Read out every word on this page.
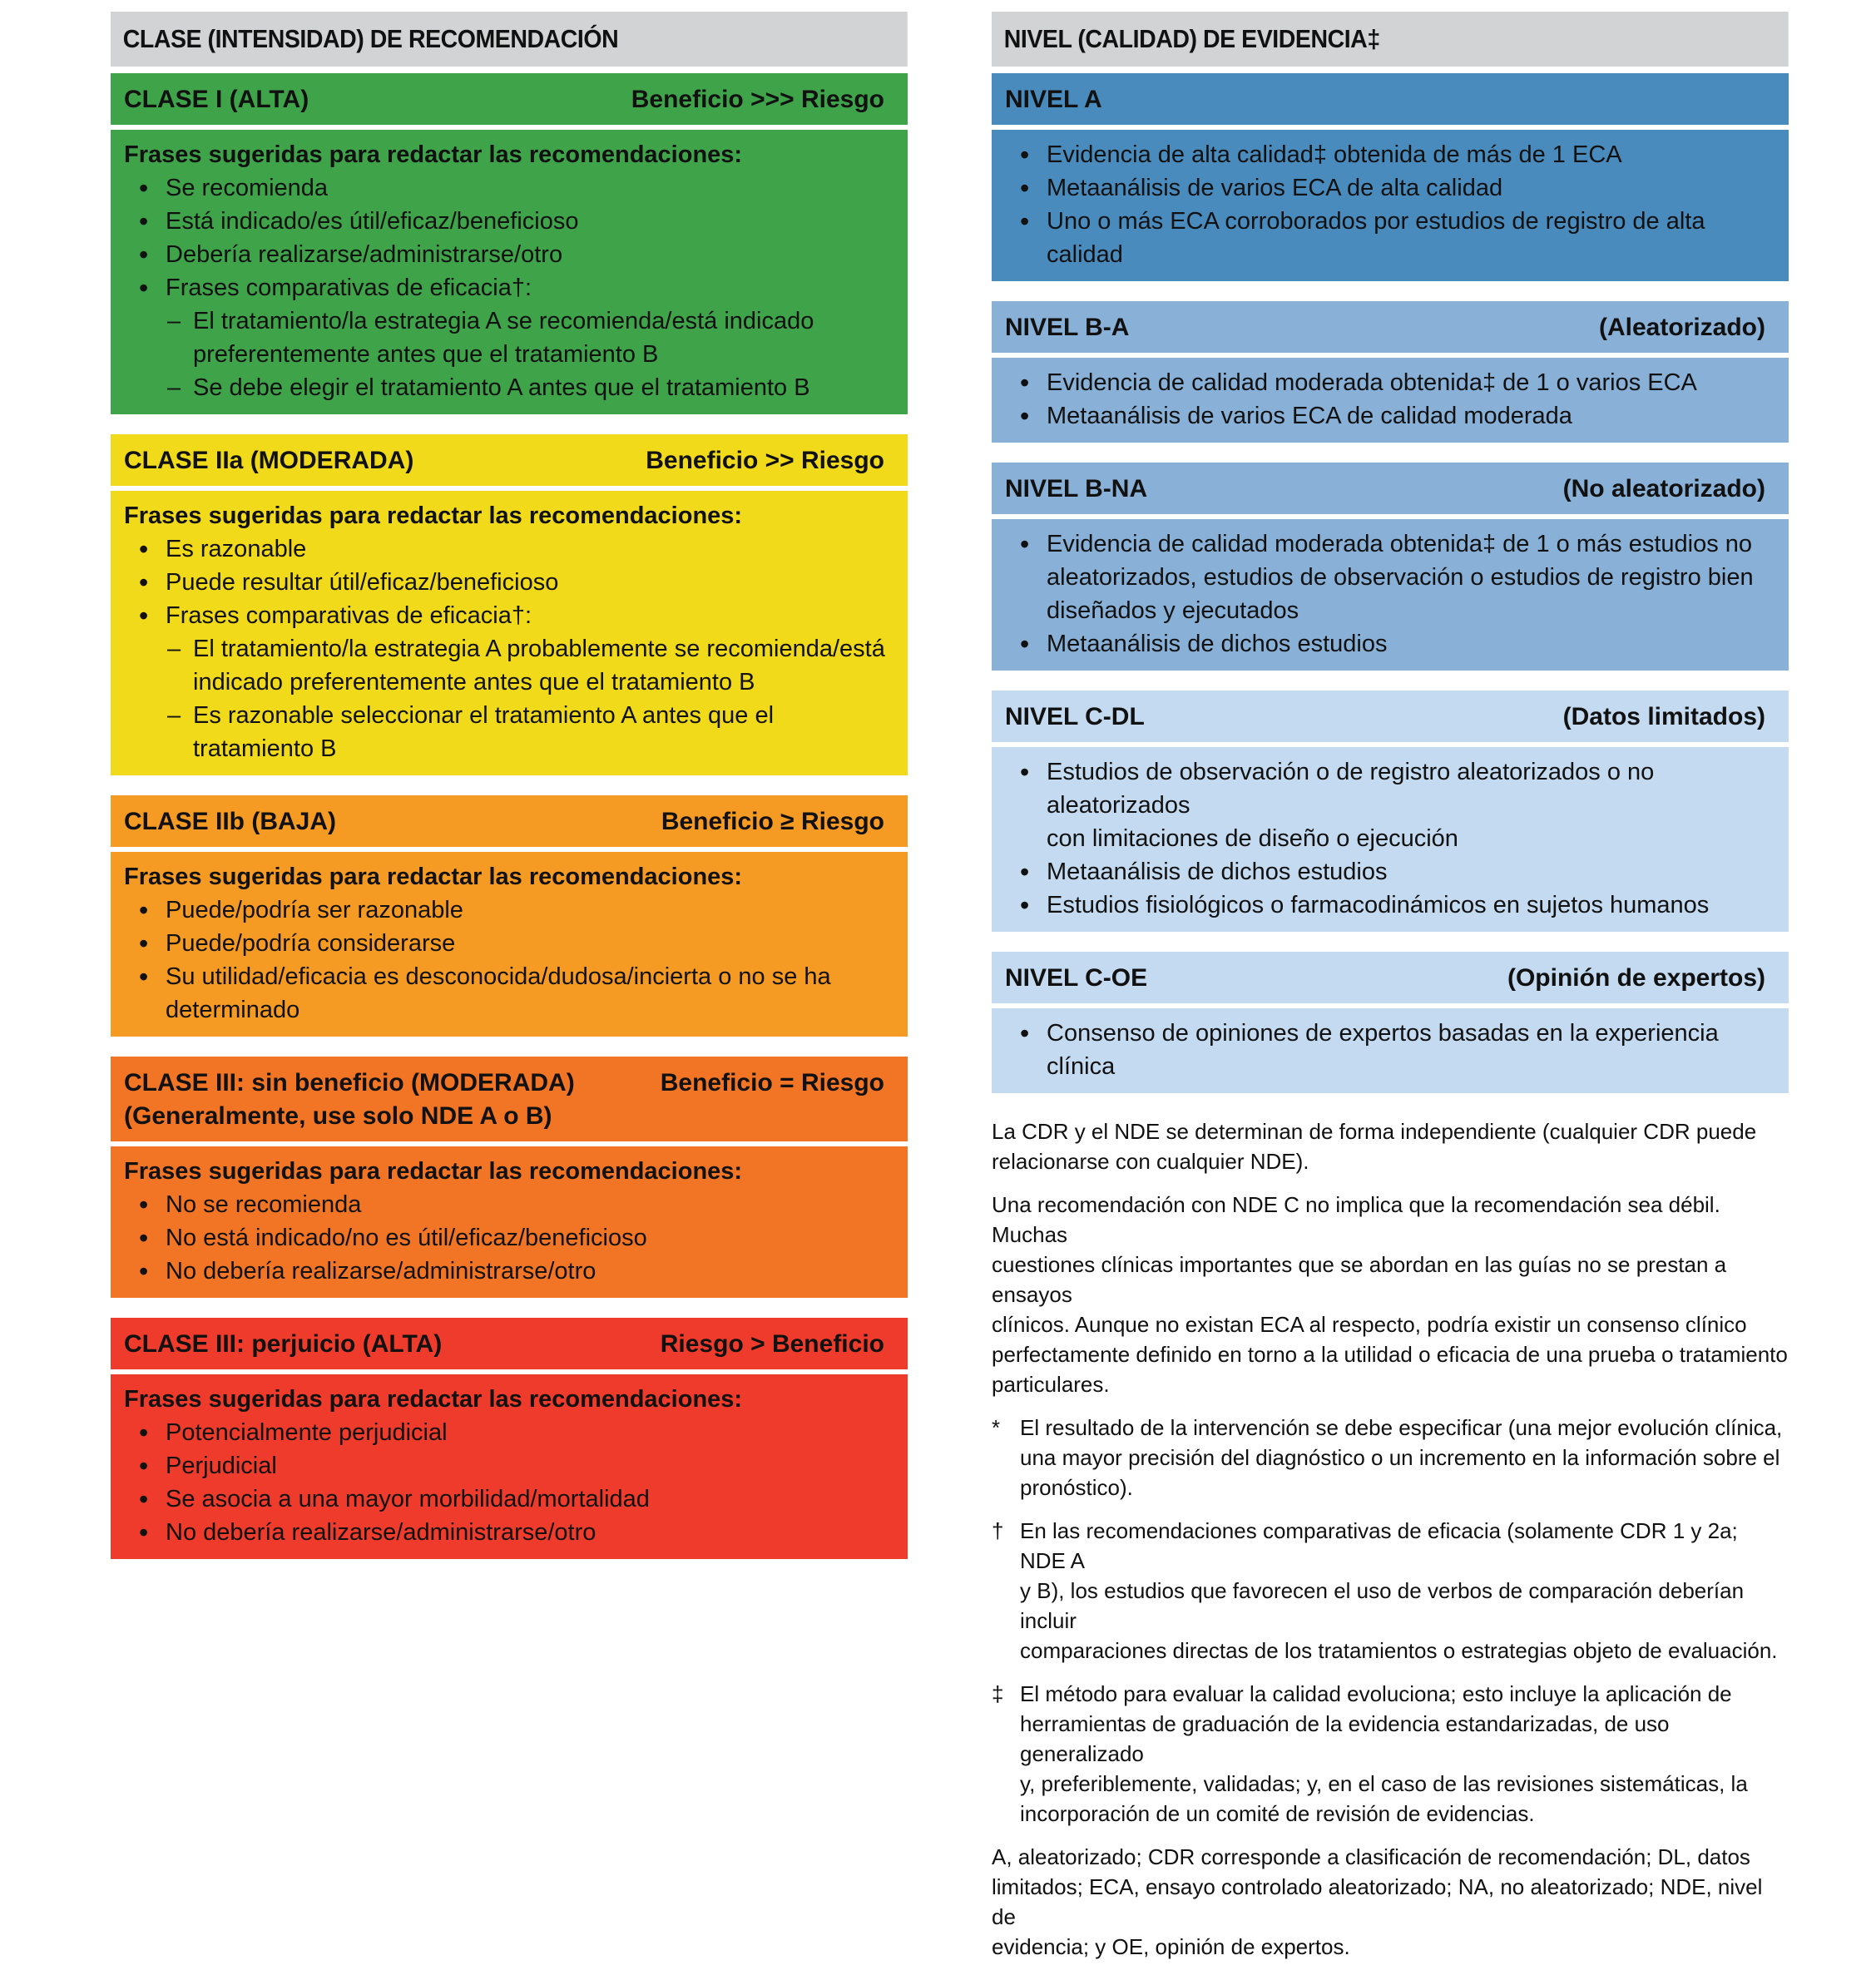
CLASE (INTENSIDAD) DE RECOMENDACIÓN
CLASE I (ALTA)	Beneficio >>> Riesgo
Frases sugeridas para redactar las recomendaciones:
• Se recomienda
• Está indicado/es útil/eficaz/beneficioso
• Debería realizarse/administrarse/otro
• Frases comparativas de eficacia†:
– El tratamiento/la estrategia A se recomienda/está indicado
preferentemente antes que el tratamiento B
– Se debe elegir el tratamiento A antes que el tratamiento B
CLASE IIa (MODERADA)	Beneficio >> Riesgo
Frases sugeridas para redactar las recomendaciones:
• Es razonable
• Puede resultar útil/eficaz/beneficioso
• Frases comparativas de eficacia†:
– El tratamiento/la estrategia A probablemente se recomienda/está
indicado preferentemente antes que el tratamiento B
– Es razonable seleccionar el tratamiento A antes que el tratamiento B
CLASE IIb (BAJA)	Beneficio ≥ Riesgo
Frases sugeridas para redactar las recomendaciones:
• Puede/podría ser razonable
• Puede/podría considerarse
• Su utilidad/eficacia es desconocida/dudosa/incierta o no se ha
determinado
CLASE III: sin beneficio (MODERADA)
(Generalmente, use solo NDE A o B)
Beneficio = Riesgo
Frases sugeridas para redactar las recomendaciones:
• No se recomienda
• No está indicado/no es útil/eficaz/beneficioso
• No debería realizarse/administrarse/otro
CLASE III: perjuicio (ALTA)	Riesgo > Beneficio
Frases sugeridas para redactar las recomendaciones:
• Potencialmente perjudicial
• Perjudicial
• Se asocia a una mayor morbilidad/mortalidad
• No debería realizarse/administrarse/otro
NIVEL (CALIDAD) DE EVIDENCIA‡
NIVEL A
• Evidencia de alta calidad‡ obtenida de más de 1 ECA
• Metaanálisis de varios ECA de alta calidad
• Uno o más ECA corroborados por estudios de registro de alta calidad
NIVEL B-A	(Aleatorizado)
• Evidencia de calidad moderada obtenida‡ de 1 o varios ECA
• Metaanálisis de varios ECA de calidad moderada
NIVEL B-NA	(No aleatorizado)
• Evidencia de calidad moderada obtenida‡ de 1 o más estudios no
aleatorizados, estudios de observación o estudios de registro bien
diseñados y ejecutados
• Metaanálisis de dichos estudios
NIVEL C-DL	(Datos limitados)
• Estudios de observación o de registro aleatorizados o no aleatorizados
con limitaciones de diseño o ejecución
• Metaanálisis de dichos estudios
• Estudios fisiológicos o farmacodinámicos en sujetos humanos
NIVEL C-OE	(Opinión de expertos)
• Consenso de opiniones de expertos basadas en la experiencia clínica

La CDR y el NDE se determinan de forma independiente (cualquier CDR puede
relacionarse con cualquier NDE).

Una recomendación con NDE C no implica que la recomendación sea débil. Muchas
cuestiones clínicas importantes que se abordan en las guías no se prestan a ensayos
clínicos. Aunque no existan ECA al respecto, podría existir un consenso clínico
perfectamente definido en torno a la utilidad o eficacia de una prueba o tratamiento
particulares.

* El resultado de la intervención se debe especificar (una mejor evolución clínica,
una mayor precisión del diagnóstico o un incremento en la información sobre el
pronóstico).
† En las recomendaciones comparativas de eficacia (solamente CDR 1 y 2a; NDE A
y B), los estudios que favorecen el uso de verbos de comparación deberían incluir
comparaciones directas de los tratamientos o estrategias objeto de evaluación.
‡ El método para evaluar la calidad evoluciona; esto incluye la aplicación de
herramientas de graduación de la evidencia estandarizadas, de uso generalizado
y, preferiblemente, validadas; y, en el caso de las revisiones sistemáticas, la
incorporación de un comité de revisión de evidencias.

A, aleatorizado; CDR corresponde a clasificación de recomendación; DL, datos
limitados; ECA, ensayo controlado aleatorizado; NA, no aleatorizado; NDE, nivel de
evidencia; y OE, opinión de expertos.
